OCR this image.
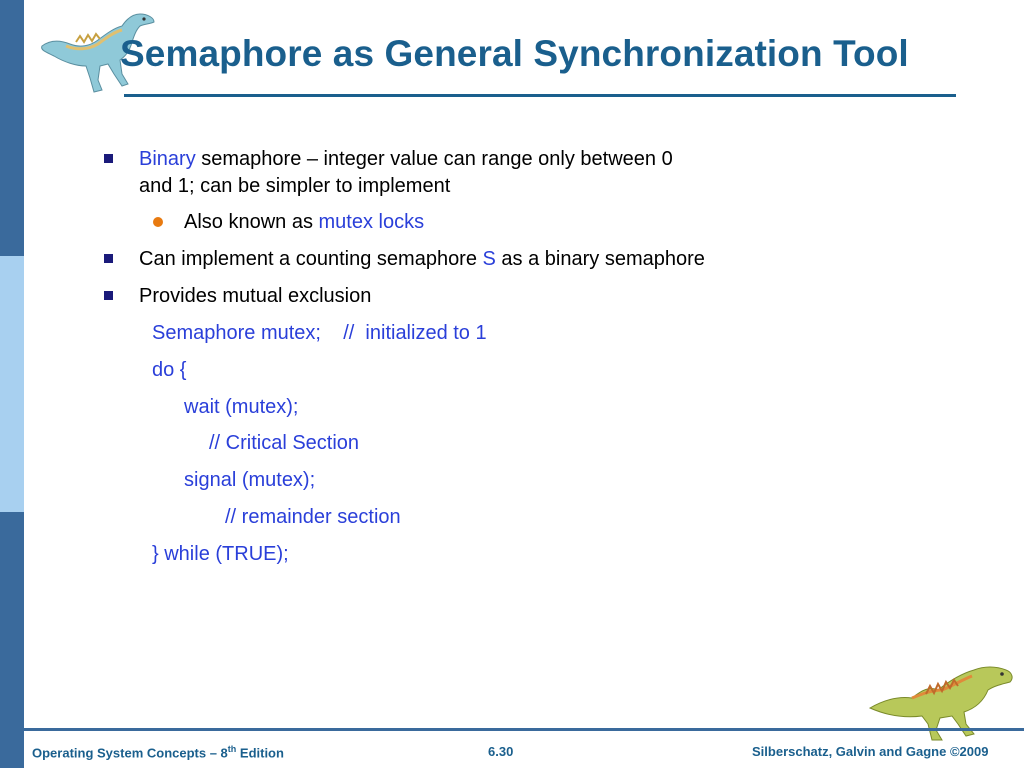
Semaphore as General Synchronization Tool
Binary semaphore – integer value can range only between 0
and 1; can be simpler to implement
Also known as mutex locks
Can implement a counting semaphore S as a binary semaphore
Provides mutual exclusion
Semaphore mutex;    //  initialized to 1
do {
wait (mutex);
// Critical Section
signal (mutex);
// remainder section
} while (TRUE);
Operating System Concepts – 8th Edition	6.30	Silberschatz, Galvin and Gagne ©2009
